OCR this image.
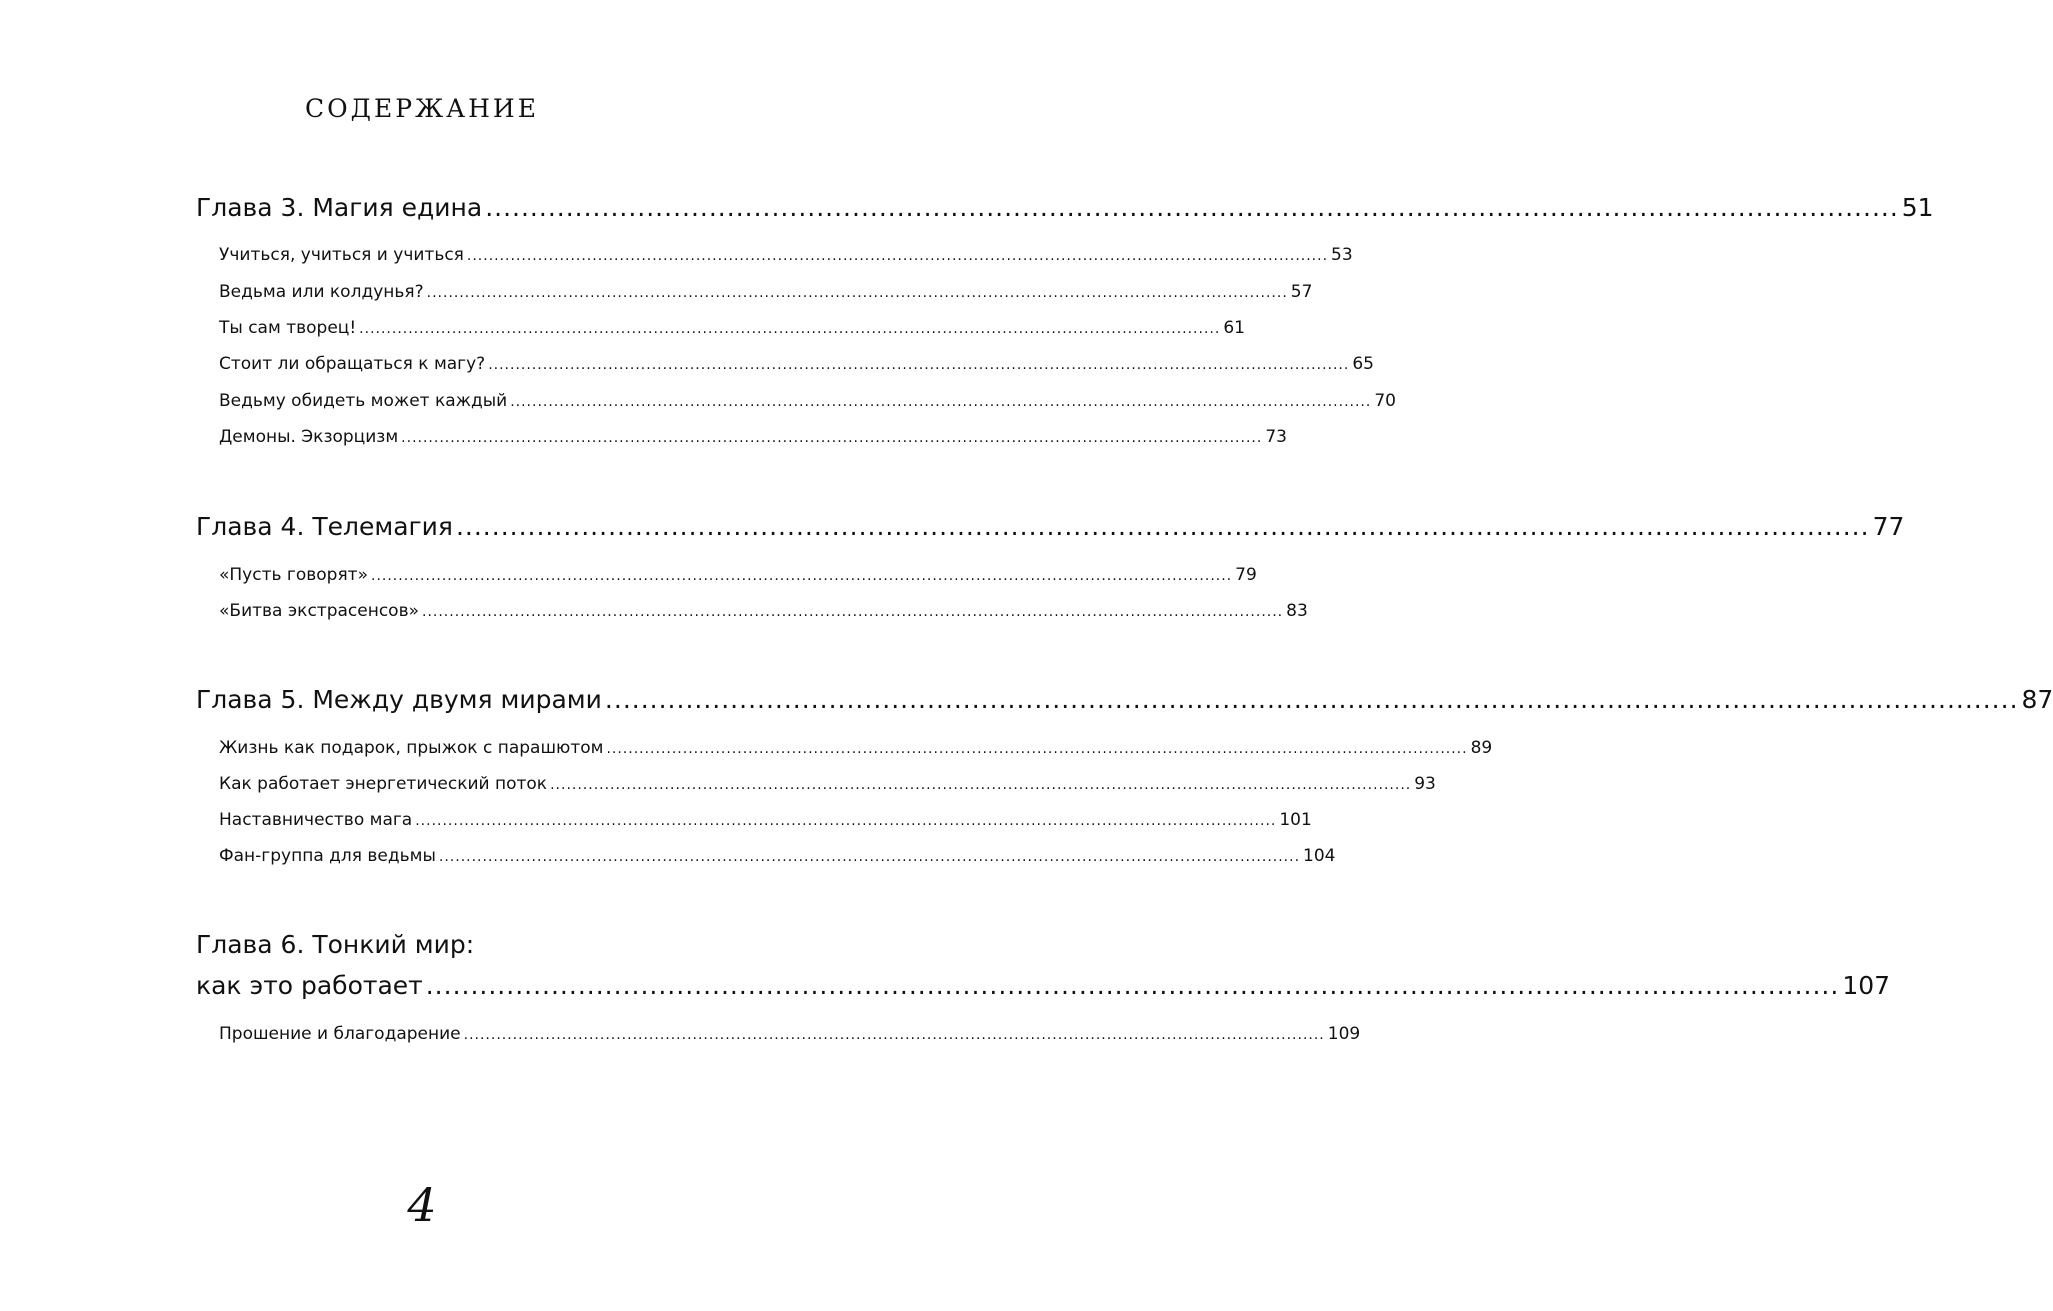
СОДЕРЖАНИЕ
Глава 3. Магия едина .............................................................................................................................................................. 51
Учиться, учиться и учиться .............................................................................................................................................................. 53
Ведьма или колдунья? .............................................................................................................................................................. 57
Ты сам творец! .............................................................................................................................................................. 61
Стоит ли обращаться к магу? .............................................................................................................................................................. 65
Ведьму обидеть может каждый .............................................................................................................................................................. 70
Демоны. Экзорцизм .............................................................................................................................................................. 73
Глава 4. Телемагия .............................................................................................................................................................. 77
«Пусть говорят» .............................................................................................................................................................. 79
«Битва экстрасенсов» .............................................................................................................................................................. 83
Глава 5. Между двумя мирами .............................................................................................................................................................. 87
Жизнь как подарок, прыжок с парашютом .............................................................................................................................................................. 89
Как работает энергетический поток .............................................................................................................................................................. 93
Наставничество мага .............................................................................................................................................................. 101
Фан-группа для ведьмы .............................................................................................................................................................. 104
Глава 6. Тонкий мир:
как это работает .............................................................................................................................................................. 107
Прошение и благодарение .............................................................................................................................................................. 109
4
